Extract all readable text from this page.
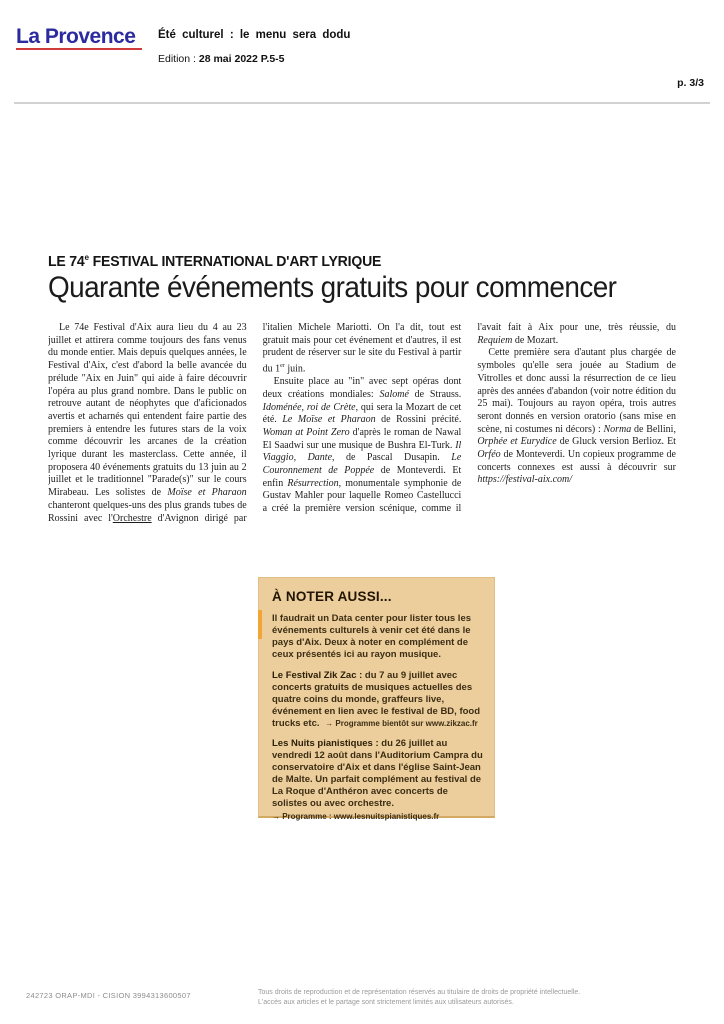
La Provence Été culturel : le menu sera dodu
Edition : 28 mai 2022 P.5-5
p. 3/3
LE 74e FESTIVAL INTERNATIONAL D'ART LYRIQUE
Quarante événements gratuits pour commencer

Le 74e Festival d'Aix aura lieu du 4 au 23 juillet et attirera comme toujours des fans venus du monde entier. Mais depuis quelques années, le Festival d'Aix, c'est d'abord la belle avancée du prélude "Aix en Juin" qui aide à faire découvrir l'opéra au plus grand nombre. Dans le public on retrouve autant de néophytes que d'aficionados avertis et acharnés qui entendent faire partie des premiers à entendre les futures stars de la voix comme découvrir les arcanes de la création lyrique durant les masterclass. Cette année, il proposera 40 événements gratuits du 13 juin au 2 juillet et le traditionnel "Parade(s)" sur le cours Mirabeau. Les solistes de Moïse et Pharaon chanteront quelques-uns des plus grands tubes de Rossini avec l'Orchestre d'Avignon dirigé par l'italien Michele Mariotti. On l'a dit, tout est gratuit mais pour cet événement et d'autres, il est prudent de réserver sur le site du Festival à partir du 1er juin.

Ensuite place au "in" avec sept opéras dont deux créations mondiales: Salomé de Strauss. Idoménée, roi de Crète, qui sera la Mozart de cet été. Le Moïse et Pharaon de Rossini précité. Woman at Point Zero d'après le roman de Nawal El Saadwi sur une musique de Bushra El-Turk. Il Viaggio, Dante, de Pascal Dusapin. Le Couronnement de Poppée de Monteverdi. Et enfin Résurrection, monumentale symphonie de Gustav Mahler pour laquelle Romeo Castellucci a créé la première version scénique, comme il l'avait fait à Aix pour une, très réussie, du Requiem de Mozart.

Cette première sera d'autant plus chargée de symboles qu'elle sera jouée au Stadium de Vitrolles et donc aussi la résurrection de ce lieu après des années d'abandon (voir notre édition du 25 mai). Toujours au rayon opéra, trois autres seront donnés en version oratorio (sans mise en scène, ni costumes ni décors) : Norma de Bellini, Orphée et Eurydice de Gluck version Berlioz. Et Orféo de Monteverdi. Un copieux programme de concerts connexes est aussi à découvrir sur https://festival-aix.com/

À NOTER AUSSI...

Il faudrait un Data center pour lister tous les événements culturels à venir cet été dans le pays d'Aix. Deux à noter en complément de ceux présentés ici au rayon musique.

Le Festival Zik Zac : du 7 au 9 juillet avec concerts gratuits de musiques actuelles des quatre coins du monde, graffeurs live, événement en lien avec le festival de BD, food trucks etc. → Programme bientôt sur www.zikzac.fr

Les Nuits pianistiques : du 26 juillet au vendredi 12 août dans l'Auditorium Campra du conservatoire d'Aix et dans l'église Saint-Jean de Malte. Un parfait complément au festival de La Roque d'Anthéron avec concerts de solistes ou avec orchestre.
→ Programme : www.lesnuitspianistiques.fr

242723 ORAP-MDI - CISION 3994313600507	Tous droits de reproduction et de représentation réservés au titulaire de droits de propriété intellectuelle.
L'accès aux articles et le partage sont strictement limités aux utilisateurs autorisés.
